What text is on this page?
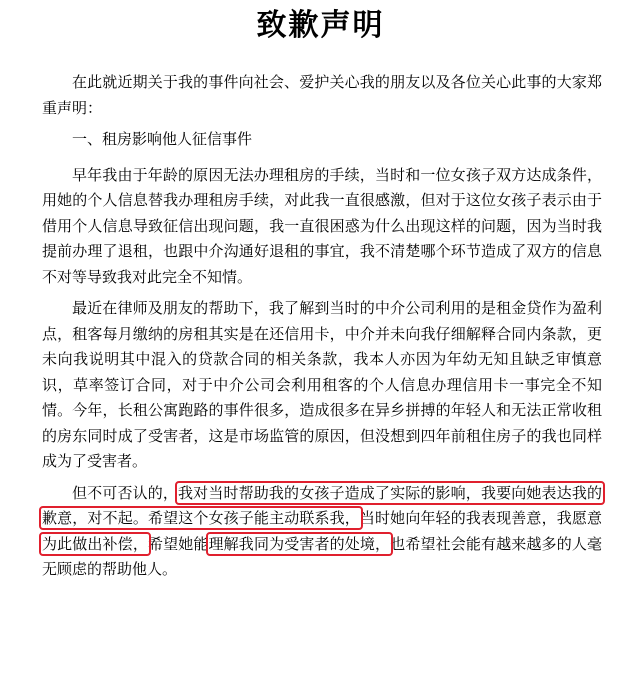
致歉声明

在此就近期关于我的事件向社会、爱护关心我的朋友以及各位关心此事的大家郑重声明：

一、租房影响他人征信事件

早年我由于年龄的原因无法办理租房的手续，当时和一位女孩子双方达成条件，用她的个人信息替我办理租房手续，对此我一直很感激，但对于这位女孩子表示由于借用个人信息导致征信出现问题，我一直很困惑为什么出现这样的问题，因为当时我提前办理了退租，也跟中介沟通好退租的事宜，我不清楚哪个环节造成了双方的信息不对等导致我对此完全不知情。

最近在律师及朋友的帮助下，我了解到当时的中介公司利用的是租金贷作为盈利点，租客每月缴纳的房租其实是在还信用卡，中介并未向我仔细解释合同内条款，更未向我说明其中混入的贷款合同的相关条款，我本人亦因为年幼无知且缺乏审慎意识，草率签订合同，对于中介公司会利用租客的个人信息办理信用卡一事完全不知情。今年，长租公寓跑路的事件很多，造成很多在异乡拼搏的年轻人和无法正常收租的房东同时成了受害者，这是市场监管的原因，但没想到四年前租住房子的我也同样成为了受害者。

但不可否认的，我对当时帮助我的女孩子造成了实际的影响，我要向她表达我的歉意，对不起。希望这个女孩子能主动联系我，当时她向年轻的我表现善意，我愿意为此做出补偿，希望她能理解我同为受害者的处境，也希望社会能有越来越多的人毫无顾虑的帮助他人。
